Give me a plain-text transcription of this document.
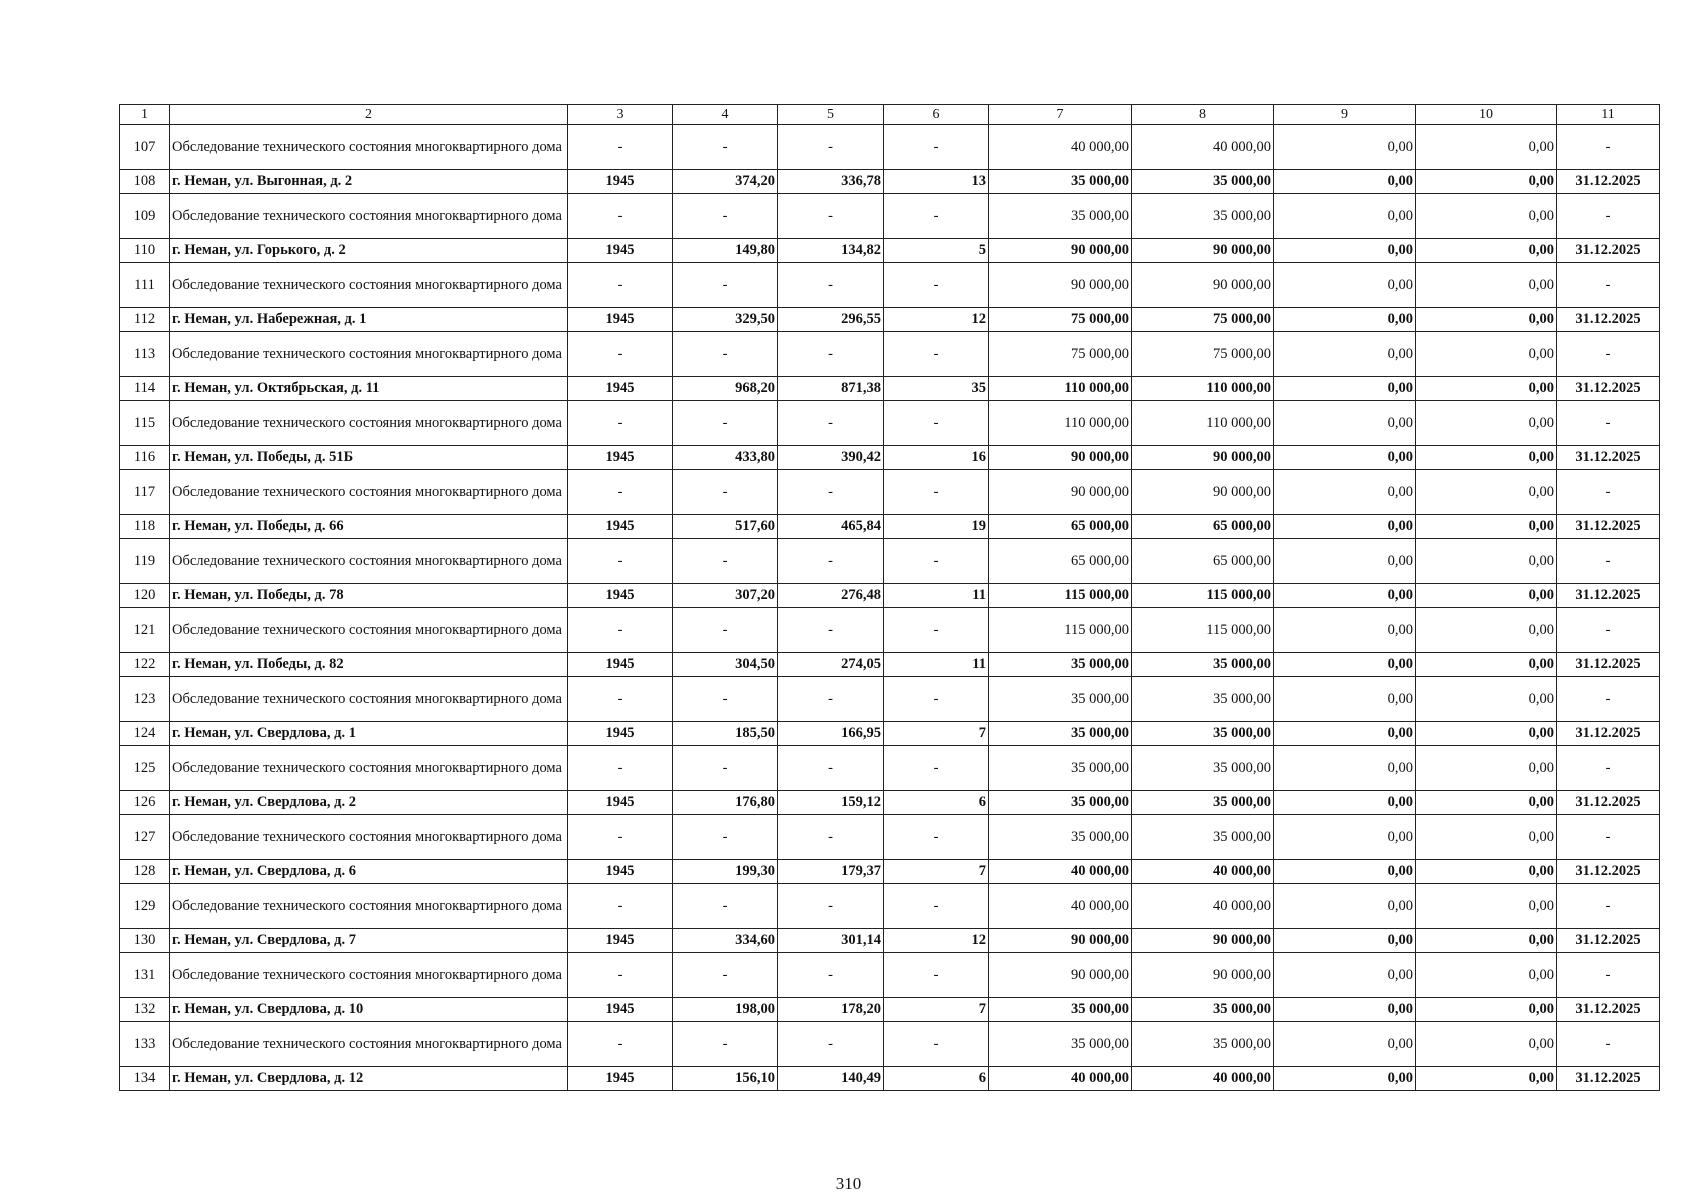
1	2	3	4	5	6	7	8	9	10	11
107	Обследование технического состояния многоквартирного дома	-	-	-	-	40 000,00	40 000,00	0,00	0,00	-
108	г. Неман, ул. Выгонная, д. 2	1945	374,20	336,78	13	35 000,00	35 000,00	0,00	0,00	31.12.2025
109	Обследование технического состояния многоквартирного дома	-	-	-	-	35 000,00	35 000,00	0,00	0,00	-
110	г. Неман, ул. Горького, д. 2	1945	149,80	134,82	5	90 000,00	90 000,00	0,00	0,00	31.12.2025
111	Обследование технического состояния многоквартирного дома	-	-	-	-	90 000,00	90 000,00	0,00	0,00	-
112	г. Неман, ул. Набережная, д. 1	1945	329,50	296,55	12	75 000,00	75 000,00	0,00	0,00	31.12.2025
113	Обследование технического состояния многоквартирного дома	-	-	-	-	75 000,00	75 000,00	0,00	0,00	-
114	г. Неман, ул. Октябрьская, д. 11	1945	968,20	871,38	35	110 000,00	110 000,00	0,00	0,00	31.12.2025
115	Обследование технического состояния многоквартирного дома	-	-	-	-	110 000,00	110 000,00	0,00	0,00	-
116	г. Неман, ул. Победы, д. 51Б	1945	433,80	390,42	16	90 000,00	90 000,00	0,00	0,00	31.12.2025
117	Обследование технического состояния многоквартирного дома	-	-	-	-	90 000,00	90 000,00	0,00	0,00	-
118	г. Неман, ул. Победы, д. 66	1945	517,60	465,84	19	65 000,00	65 000,00	0,00	0,00	31.12.2025
119	Обследование технического состояния многоквартирного дома	-	-	-	-	65 000,00	65 000,00	0,00	0,00	-
120	г. Неман, ул. Победы, д. 78	1945	307,20	276,48	11	115 000,00	115 000,00	0,00	0,00	31.12.2025
121	Обследование технического состояния многоквартирного дома	-	-	-	-	115 000,00	115 000,00	0,00	0,00	-
122	г. Неман, ул. Победы, д. 82	1945	304,50	274,05	11	35 000,00	35 000,00	0,00	0,00	31.12.2025
123	Обследование технического состояния многоквартирного дома	-	-	-	-	35 000,00	35 000,00	0,00	0,00	-
124	г. Неман, ул. Свердлова, д. 1	1945	185,50	166,95	7	35 000,00	35 000,00	0,00	0,00	31.12.2025
125	Обследование технического состояния многоквартирного дома	-	-	-	-	35 000,00	35 000,00	0,00	0,00	-
126	г. Неман, ул. Свердлова, д. 2	1945	176,80	159,12	6	35 000,00	35 000,00	0,00	0,00	31.12.2025
127	Обследование технического состояния многоквартирного дома	-	-	-	-	35 000,00	35 000,00	0,00	0,00	-
128	г. Неман, ул. Свердлова, д. 6	1945	199,30	179,37	7	40 000,00	40 000,00	0,00	0,00	31.12.2025
129	Обследование технического состояния многоквартирного дома	-	-	-	-	40 000,00	40 000,00	0,00	0,00	-
130	г. Неман, ул. Свердлова, д. 7	1945	334,60	301,14	12	90 000,00	90 000,00	0,00	0,00	31.12.2025
131	Обследование технического состояния многоквартирного дома	-	-	-	-	90 000,00	90 000,00	0,00	0,00	-
132	г. Неман, ул. Свердлова, д. 10	1945	198,00	178,20	7	35 000,00	35 000,00	0,00	0,00	31.12.2025
133	Обследование технического состояния многоквартирного дома	-	-	-	-	35 000,00	35 000,00	0,00	0,00	-
134	г. Неман, ул. Свердлова, д. 12	1945	156,10	140,49	6	40 000,00	40 000,00	0,00	0,00	31.12.2025
310
